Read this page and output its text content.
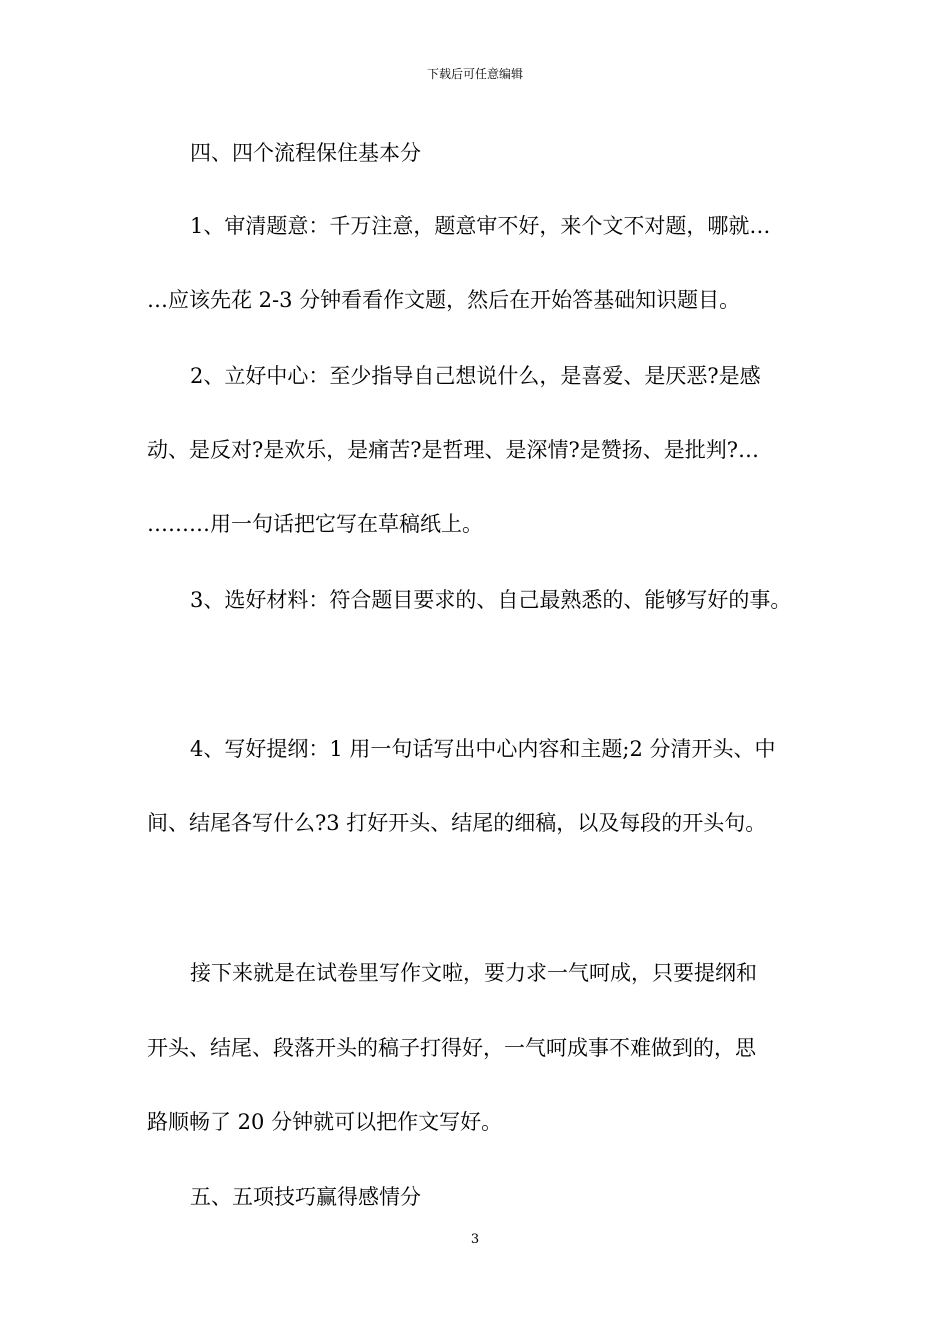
下载后可任意编辑
四、四个流程保住基本分
1、审清题意：千万注意，题意审不好，来个文不对题，哪就…
…应该先花 2-3 分钟看看作文题，然后在开始答基础知识题目。
2、立好中心：至少指导自己想说什么，是喜爱、是厌恶?是感
动、是反对?是欢乐，是痛苦?是哲理、是深情?是赞扬、是批判?…
………用一句话把它写在草稿纸上。
3、选好材料：符合题目要求的、自己最熟悉的、能够写好的事。
4、写好提纲：1 用一句话写出中心内容和主题;2 分清开头、中
间、结尾各写什么?3 打好开头、结尾的细稿，以及每段的开头句。
接下来就是在试卷里写作文啦，要力求一气呵成，只要提纲和
开头、结尾、段落开头的稿子打得好，一气呵成事不难做到的，思
路顺畅了 20 分钟就可以把作文写好。
五、五项技巧赢得感情分
3
